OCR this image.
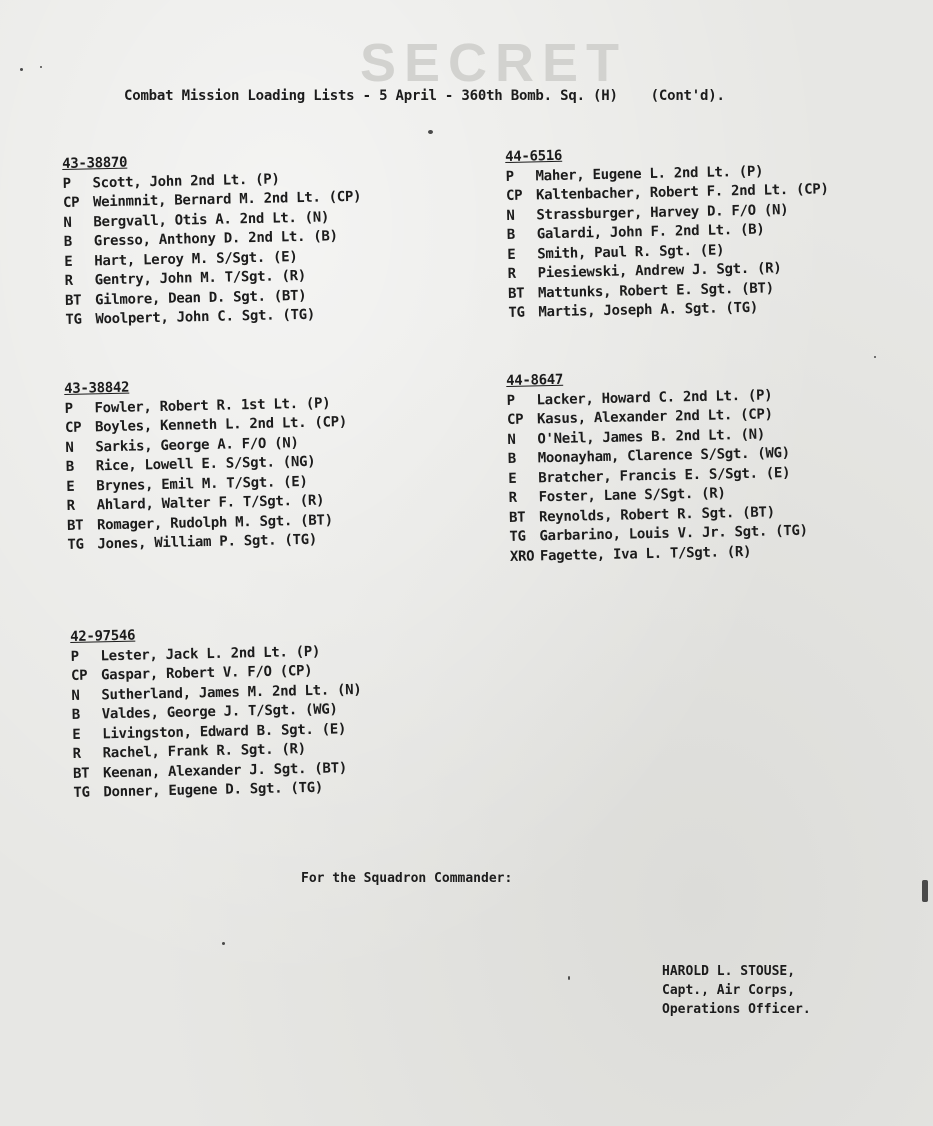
SECRET
Combat Mission Loading Lists - 5 April - 360th Bomb. Sq. (H)    (Cont'd).
43-38870
P Scott, John 2nd Lt. (P)
CP Weinmnit, Bernard M. 2nd Lt. (CP)
N Bergvall, Otis A. 2nd Lt. (N)
B Gresso, Anthony D. 2nd Lt. (B)
E Hart, Leroy M. S/Sgt. (E)
R Gentry, John M. T/Sgt. (R)
BT Gilmore, Dean D. Sgt. (BT)
TG Woolpert, John C. Sgt. (TG)
44-6516
P Maher, Eugene L. 2nd Lt. (P)
CP Kaltenbacher, Robert F. 2nd Lt. (CP)
N Strassburger, Harvey D. F/O (N)
B Galardi, John F. 2nd Lt. (B)
E Smith, Paul R. Sgt. (E)
R Piesiewski, Andrew J. Sgt. (R)
BT Mattunks, Robert E. Sgt. (BT)
TG Martis, Joseph A. Sgt. (TG)
43-38842
P Fowler, Robert R. 1st Lt. (P)
CP Boyles, Kenneth L. 2nd Lt. (CP)
N Sarkis, George A. F/O (N)
B Rice, Lowell E. S/Sgt. (NG)
E Brynes, Emil M. T/Sgt. (E)
R Ahlard, Walter F. T/Sgt. (R)
BT Romager, Rudolph M. Sgt. (BT)
TG Jones, William P. Sgt. (TG)
44-8647
P Lacker, Howard C. 2nd Lt. (P)
CP Kasus, Alexander 2nd Lt. (CP)
N O'Neil, James B. 2nd Lt. (N)
B Moonayham, Clarence S/Sgt. (WG)
E Bratcher, Francis E. S/Sgt. (E)
R Foster, Lane S/Sgt. (R)
BT Reynolds, Robert R. Sgt. (BT)
TG Garbarino, Louis V. Jr. Sgt. (TG)
XRO Fagette, Iva L. T/Sgt. (R)
42-97546
P Lester, Jack L. 2nd Lt. (P)
CP Gaspar, Robert V. F/O (CP)
N Sutherland, James M. 2nd Lt. (N)
B Valdes, George J. T/Sgt. (WG)
E Livingston, Edward B. Sgt. (E)
R Rachel, Frank R. Sgt. (R)
BT Keenan, Alexander J. Sgt. (BT)
TG Donner, Eugene D. Sgt. (TG)
For the Squadron Commander:
HAROLD L. STOUSE,
Capt., Air Corps,
Operations Officer.
